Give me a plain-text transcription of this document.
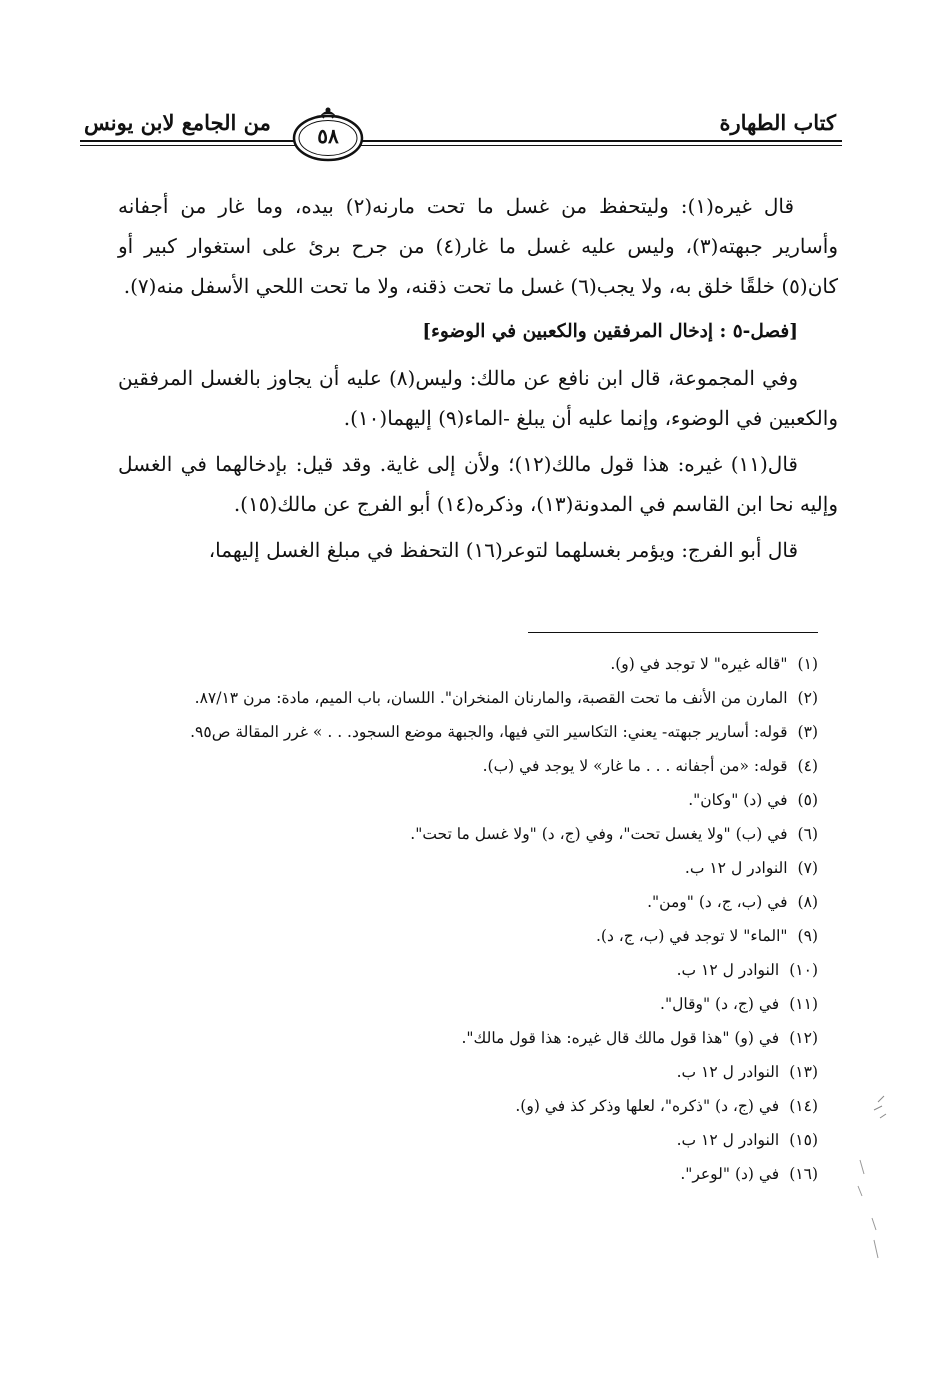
من الجامع لابن يونس	كتاب الطهارة
٥٨

قال غيره(١): وليتحفظ من غسل ما تحت مارنه(٢) بيده، وما غار من أجفانه وأسارير جبهته(٣)، وليس عليه غسل ما غار(٤) من جرح برئ على استغوار كبير أو كان(٥) خلقًا خلق به، ولا يجب(٦) غسل ما تحت ذقنه، ولا ما تحت اللحي الأسفل منه(٧).

[فصل-٥ : إدخال المرفقين والكعبين في الوضوء]

وفي المجموعة، قال ابن نافع عن مالك: وليس(٨) عليه أن يجاوز بالغسل المرفقين والكعبين في الوضوء، وإنما عليه أن يبلغ -الماء(٩) إليهما(١٠).

قال(١١) غيره: هذا قول مالك(١٢)؛ ولأن إلى غاية. وقد قيل: بإدخالهما في الغسل وإليه نحا ابن القاسم في المدونة(١٣)، وذكره(١٤) أبو الفرج عن مالك(١٥).

قال أبو الفرج: ويؤمر بغسلهما لتوعر(١٦) التحفظ في مبلغ الغسل إليهما،

(١)"قاله غيره" لا توجد في (و).
(٢)المارن من الأنف ما تحت القصبة، والمارنان المنخران". اللسان، باب الميم، مادة: مرن ٨٧/١٣.
(٣)قوله: أسارير جبهته- يعني: التكاسير التي فيها، والجبهة موضع السجود. . . » غرر المقالة ص٩٥.
(٤)قوله: «من أجفانه . . . ما غار» لا يوجد في (ب).
(٥)في (د) "وكان".
(٦)في (ب) "ولا يغسل تحت"، وفي (ج، د) "ولا غسل ما تحت".
(٧)النوادر ل ١٢ ب.
(٨)في (ب، ج، د) "ومن".
(٩)"الماء" لا توجد في (ب، ج، د).
(١٠)النوادر ل ١٢ ب.
(١١)في (ج، د) "وقال".
(١٢)في (و) "هذا قول مالك قال غيره: هذا قول مالك".
(١٣)النوادر ل ١٢ ب.
(١٤)في (ج، د) "ذكره"، لعلها وذكر كذ في (و).
(١٥)النوادر ل ١٢ ب.
(١٦)في (د) "لوعر".
